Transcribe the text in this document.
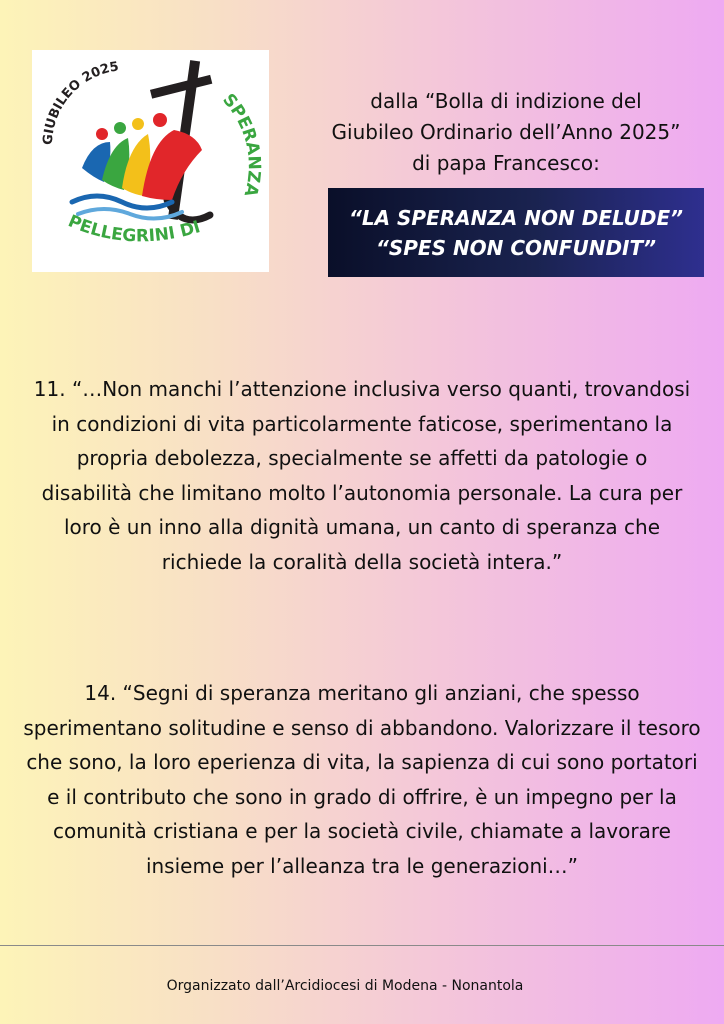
GIUBILEO 2025
SPERANZA
PELLEGRINI DI
dalla “Bolla di indizione del
Giubileo Ordinario dell’Anno 2025”
di papa Francesco:
“LA SPERANZA NON DELUDE”
“SPES NON CONFUNDIT”
11. “…Non manchi l’attenzione inclusiva verso quanti, trovandosi
in condizioni di vita particolarmente faticose, sperimentano la
propria debolezza, specialmente se affetti da patologie o
disabilità che limitano molto l’autonomia personale. La cura per
loro è un inno alla dignità umana, un canto di speranza che
richiede la coralità della società intera.”
14. “Segni di speranza meritano gli anziani, che spesso
sperimentano solitudine e senso di abbandono. Valorizzare il tesoro
che sono, la loro eperienza di vita, la sapienza di cui sono portatori
e il contributo che sono in grado di offrire, è un impegno per la
comunità cristiana e per la società civile, chiamate a lavorare
insieme per l’alleanza tra le generazioni…”
Organizzato dall’Arcidiocesi di Modena - Nonantola
